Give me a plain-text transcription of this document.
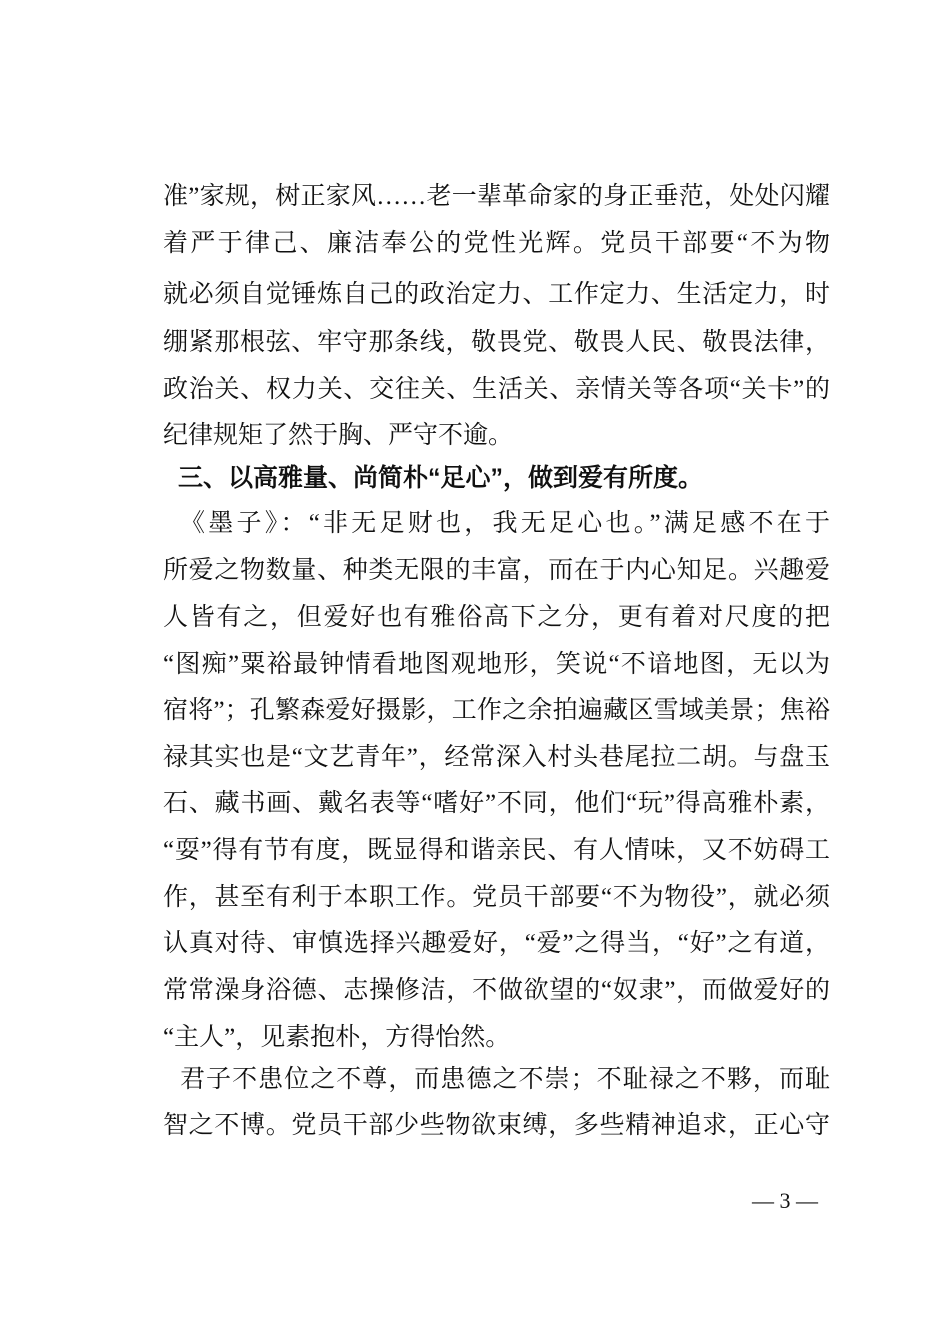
准”家规，树正家风……老一辈革命家的身正垂范，处处闪耀
着严于律己、廉洁奉公的党性光辉。党员干部要“不为物
就必须自觉锤炼自己的政治定力、工作定力、生活定力，时
绷紧那根弦、牢守那条线，敬畏党、敬畏人民、敬畏法律，
政治关、权力关、交往关、生活关、亲情关等各项“关卡”的
纪律规矩了然于胸、严守不逾。
三、以高雅量、尚简朴“足心”，做到爱有所度。
《墨子》：“非无足财也，我无足心也。”满足感不在于
所爱之物数量、种类无限的丰富，而在于内心知足。兴趣爱
人皆有之，但爱好也有雅俗高下之分，更有着对尺度的把
“图痴”粟裕最钟情看地图观地形，笑说“不谙地图，无以为
宿将”；孔繁森爱好摄影，工作之余拍遍藏区雪域美景；焦裕
禄其实也是“文艺青年”，经常深入村头巷尾拉二胡。与盘玉
石、藏书画、戴名表等“嗜好”不同，他们“玩”得高雅朴素，
“耍”得有节有度，既显得和谐亲民、有人情味，又不妨碍工
作，甚至有利于本职工作。党员干部要“不为物役”，就必须
认真对待、审慎选择兴趣爱好，“爱”之得当，“好”之有道，
常常澡身浴德、志操修洁，不做欲望的“奴隶”，而做爱好的
“主人”，见素抱朴，方得怡然。
君子不患位之不尊，而患德之不崇；不耻禄之不夥，而耻
智之不博。党员干部少些物欲束缚，多些精神追求，正心守
— 3 —
